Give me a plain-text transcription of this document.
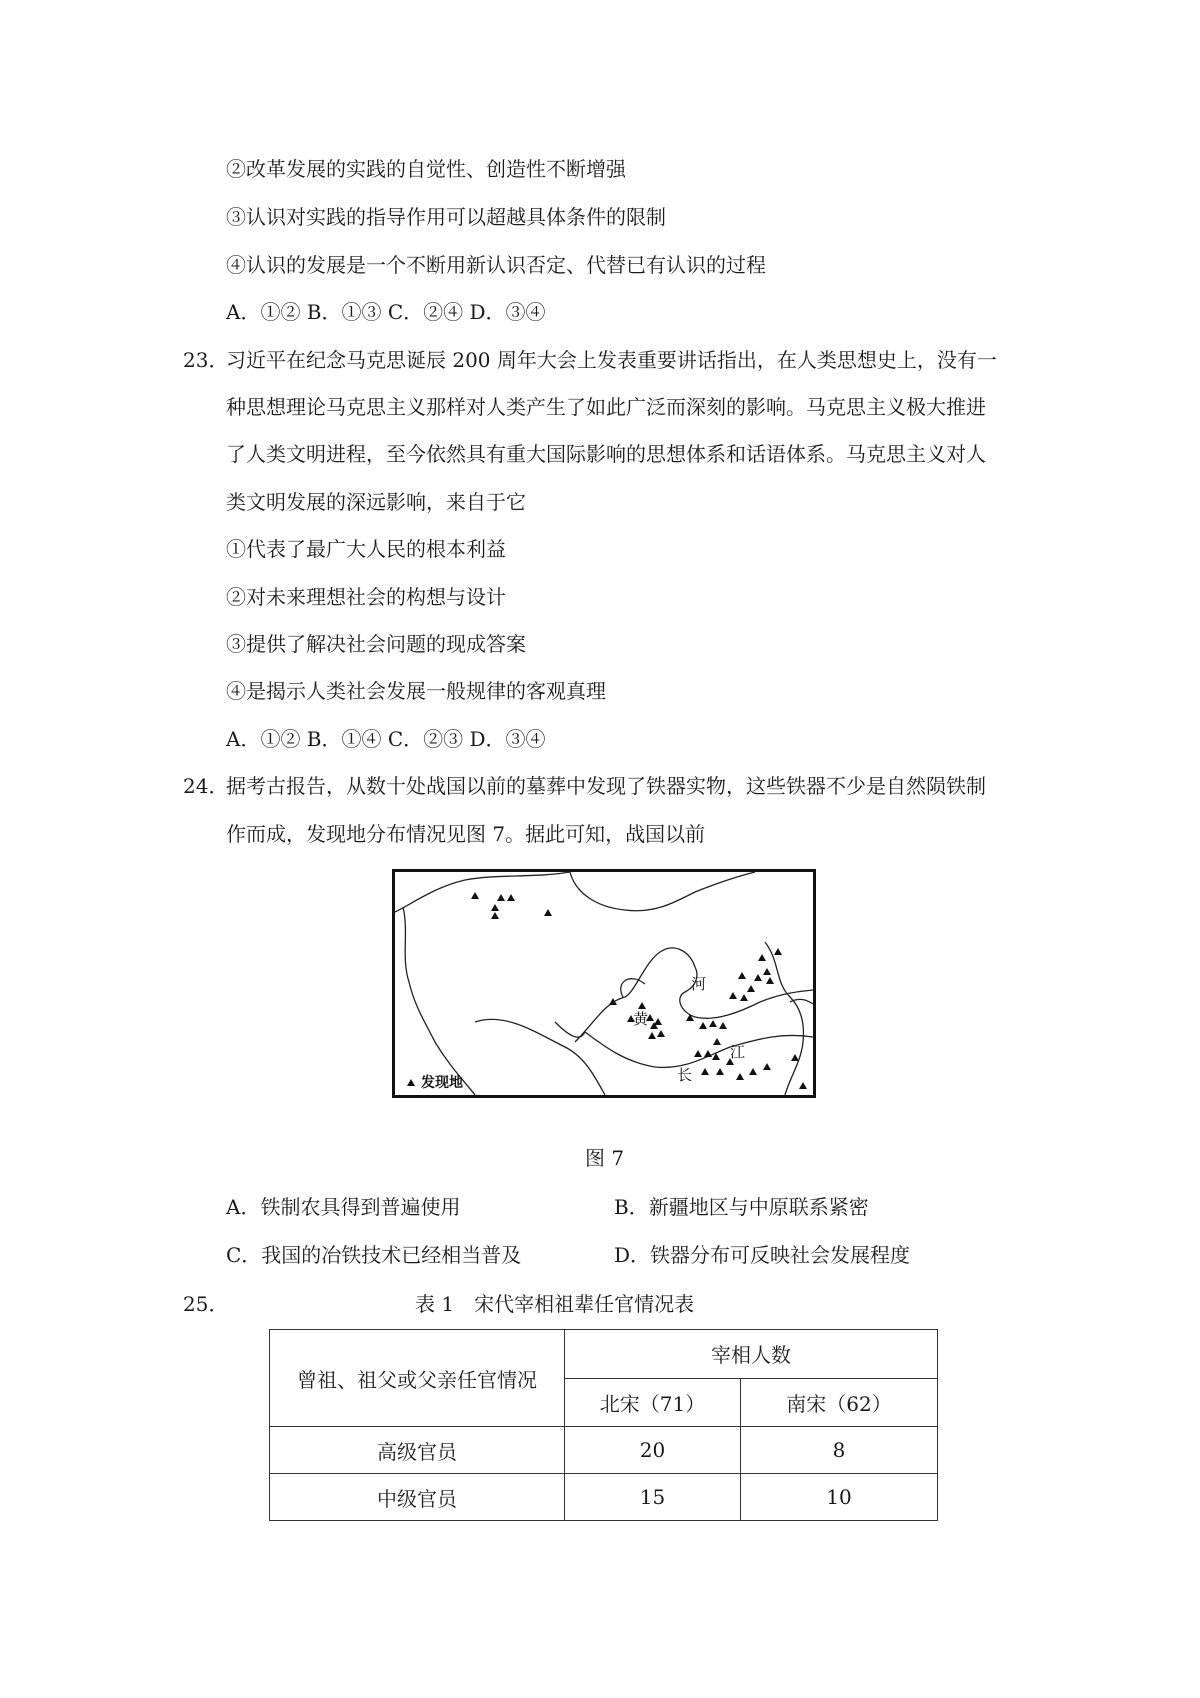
②改革发展的实践的自觉性、创造性不断增强
③认识对实践的指导作用可以超越具体条件的限制
④认识的发展是一个不断用新认识否定、代替已有认识的过程
A．①② B．①③ C．②④ D．③④
23．
习近平在纪念马克思诞辰 200 周年大会上发表重要讲话指出，在人类思想史上，没有一
种思想理论马克思主义那样对人类产生了如此广泛而深刻的影响。马克思主义极大推进
了人类文明进程，至今依然具有重大国际影响的思想体系和话语体系。马克思主义对人
类文明发展的深远影响，来自于它
①代表了最广大人民的根本利益
②对未来理想社会的构想与设计
③提供了解决社会问题的现成答案
④是揭示人类社会发展一般规律的客观真理
A．①② B．①④ C．②③ D．③④
24．
据考古报告，从数十处战国以前的墓葬中发现了铁器实物，这些铁器不少是自然陨铁制
作而成，发现地分布情况见图 7。据此可知，战国以前
黄
河
长
江
发现地
图 7
A．铁制农具得到普遍使用	B．新疆地区与中原联系紧密
C．我国的冶铁技术已经相当普及	D．铁器分布可反映社会发展程度
25．	表 1　宋代宰相祖辈任官情况表
曾祖、祖父或父亲任官情况	宰相人数	
	北宋（71）	南宋（62）
高级官员	20	8
中级官员	15	10
